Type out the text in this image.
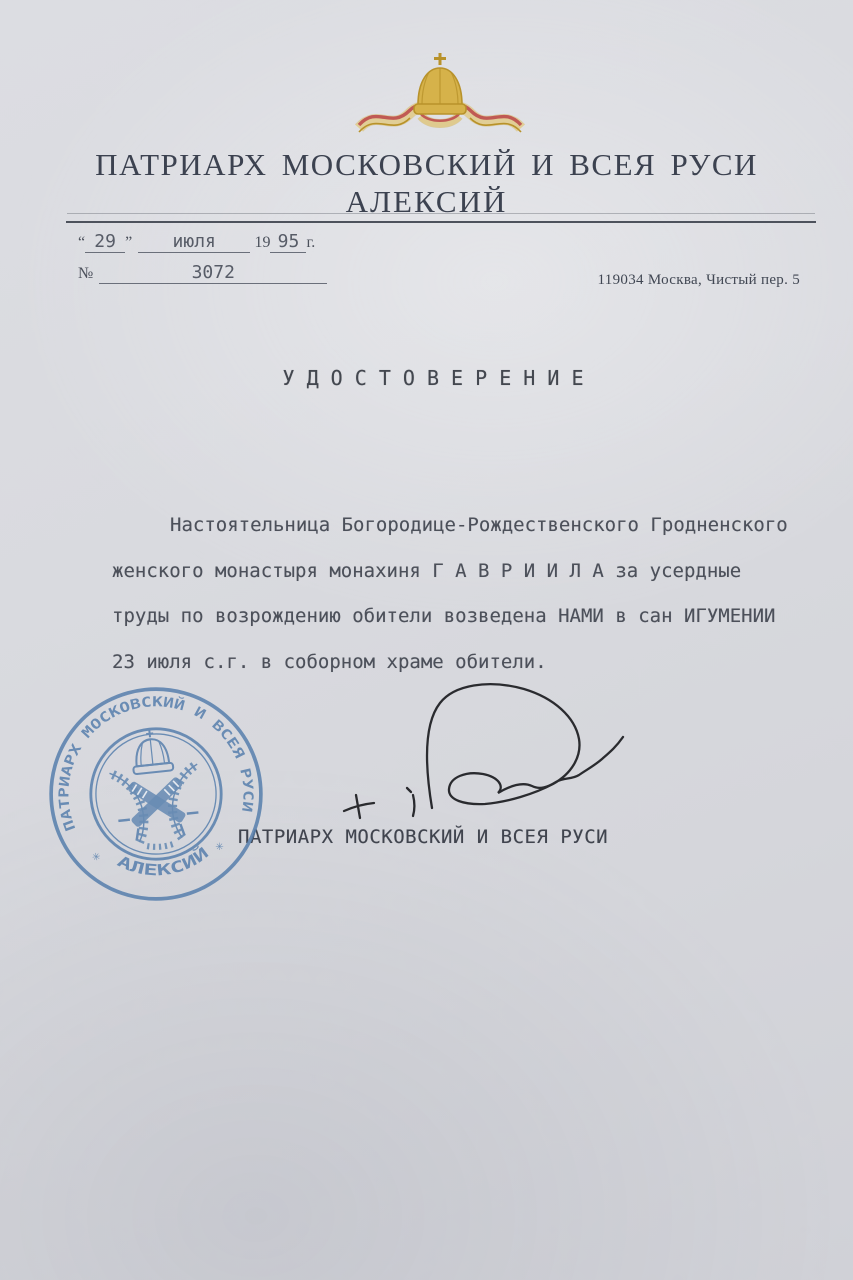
ПАТРИАРХ МОСКОВСКИЙ И ВСЕЯ РУСИ
АЛЕКСИЙ
“ 29 ” июля 19 95 г.
№	3072	119034 Москва, Чистый пер. 5
У Д О С Т О В Е Р Е Н И Е
Настоятельница Богородице-Рождественского Гродненского
женского монастыря монахиня Г А В Р И И Л А за усердные
труды по возрождению обители возведена НАМИ в сан ИГУМЕНИИ
23 июля с.г. в соборном храме обители.
ПАТРИАРХ МОСКОВСКИЙ И ВСЕЯ РУСИ
ПАТРИАРХ МОСКОВСКИЙ И ВСЕЯ РУСИ
АЛЕКСИЙ
✳
✳
